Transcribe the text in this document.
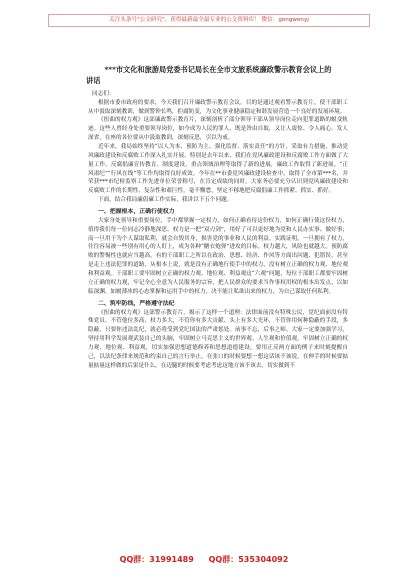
关注头条号"公文研究"，获得最新最全最专业的公文资料库！ 微信：gongwenyj
***市文化和旅游局党委书记局长在全市文旅系统廉政警示教育会议上的
讲话
同志们：

根据市委市政府的要求，今天我们召开廉政警示教育会议。目的是通过观看警示教育片，使干部职工从中汲取深刻教训，做到警钟长鸣，拒腐防变，为文化事业健康稳定和谐发展营造一个良好的发展环境。

《扭曲的权力观》这部廉政警示教育片，深刻剖析了部分领导干部从领导岗位走向犯罪道路的蜕变轨迹。这些人曾经身处重要领导岗位，如今成为人民的罪人，既是咎由自取，又让人震惊、令人痛心。发人深省，在座的各位要从中汲取教训，深刻反思，引以为戒。

近年来，我局始终坚持“以人为本、预防为主、强化监督、落实责任”的方针，采取有力措施，推动党风廉政建设和反腐败工作深入扎实开展。特别是去年以来，我们在党风廉政建设和反腐败工作方面做了大量工作，反腐倡廉宣传教育、制度建设、重点领域治理等取得了新的进展，廉政工作取得了新进展。“正风肃纪”“行风在线”等工作均取得良好成效。今年在**市委党风廉政建设检查中，取得了全市第***名，并荣获***市纪检监察工作先进单位荣誉称号，在肯定成绩的同时，大家务必要充分认识到党风廉政建设和反腐败工作的长期性、复杂性和艰巨性，毫不懈怠，坚定不移地把反腐倡廉工作抓紧、抓实、抓好。

下面，结合我局廉倡廉工作实际，我讲以下五个问题。

一、把握根本，正确行使权力

大家身处领导和重要岗位，手中都掌握一定权力，如何正确看待这份权力，如何正确行使这份权力，值得我们每一位同志冷静地深思。权力是一把“双刃剑”，用好了可以更好地为党和人民办实事、做好事；而一旦用于为个人谋取私利，就会自毁其身，损害党的事业和人民的利益。实践证明，一旦拥有了权力，往往容易被一些别有用心的人盯上，成为各种“糖衣炮弹”进攻的目标。权力越大，风险也就越大。预防腐败的警惕性也就应当越高，有的干部职工之所以在政治、思想、经济、作风等方面出问题、犯错误，甚至是走上违法犯罪的道路，从根本上说，就是没有正确地行使手中的权力，没有树立正确的权力观、地位观和利益观。干部职工要牢固树立正确的权力观、地位观、利益观这“六观”问题，每位干部职工都要牢固树立正确的权力观，牢记全心全意为人民服务的宗旨，把人民群众的要求当作事权用权的根本出发点，以如临深渊、如履薄冰的心态掌握和运用手中的权力，决不能让私欲出来的权力，为自己谋取任何私利。

二、筑牢防线，严格遵守法纪

《扭曲的权力观》这部警示教育片，揭示了这样一个道理：法律面前没有特殊公民，党纪面前没有特殊党员。不管他位多高，权力多大，不管你有多大贡献、头上有多大光环，不管你用何种隐蔽的手段，多隐蔽，只要你违法乱纪，就必将受到党纪国法的严肃惩处。前事不忘，后事之师。大家一定要加强学习，坚持用科学发展观武装自己的头脑，牢固树立马克思主义的世界观、人生观和价值观，牢固树立正确的权力观、地位观、利益观，切实加强思想道德修养和思想道德建设。要用正反两方面的例子来时刻提醒自己，以法纪条律来规范和约束自己的言行举止，在张口的时候要想一想这话该不该说，在伸手的时候要掂量掂量这样做的后果是什么，在迈腿的时候要考虑考虑这地方该不该去，切实做到不

QQ群：31991489 QQ群：535304092
